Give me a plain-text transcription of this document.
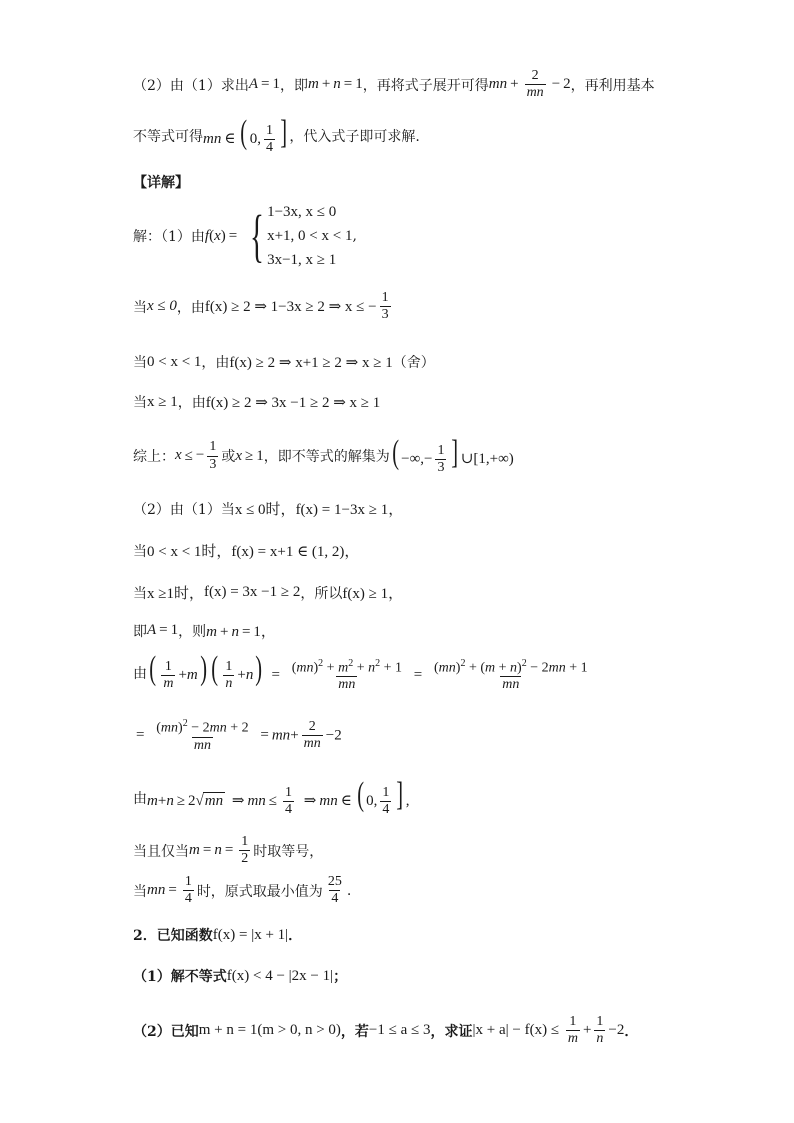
（2）由（1）求出 A = 1 ，即 m + n = 1 ，再将式子展开可得 mn + $\frac{2}{mn} - 2$ ，再利用基本
不等式可得 mn ∈ ( 0, $\frac{1}{4}$ ] ，代入式子即可求解.
【详解】
解：（1）由 f(x) = { 1−3x, x ≤ 0
x+1, 0 < x < 1
3x−1, x ≥ 1
,
当 x ≤ 0 ，由 f(x) ≥ 2 ⇒ 1−3x ≥ 2 ⇒ x ≤ − $\frac{1}{3}$
当 0 < x < 1 ，由 f(x) ≥ 2 ⇒ x+1 ≥ 2 ⇒ x ≥ 1 （舍）
当 x ≥ 1 ，由 f(x) ≥ 2 ⇒ 3x −1 ≥ 2 ⇒ x ≥ 1
综上： x ≤ − $\frac{1}{3}$ 或 x ≥ 1 ，即不等式的解集为 ( −∞,− $\frac{1}{3}$ ] ∪[1,+∞)
（2）由（1）当 x ≤ 0时， f(x) = 1−3x ≥ 1，
当 0 < x < 1时， f(x) = x+1 ∈ (1, 2)，
当 x ≥1时， f(x) = 3x −1 ≥ 2 ，所以 f(x) ≥ 1，
即 A = 1 ，则 m + n = 1，
由 ( $\frac{1}{m} +m$) ( $\frac{1}{n} +n) = \frac{(mn)^2 + m^2 + n^2 + 1}{mn} = \frac{(mn)^2 + (m + n)^2 - 2mn + 1}{mn}$
= $\frac{(mn)^2 - 2mn + 2}{mn} = mn+ \frac{2}{mn} -2$
由 m+n ≥ 2√mn ⇒ mn ≤ $\frac{1}{4}$ ⇒ mn ∈ ( 0, $\frac{1}{4}$ ] ,
当且仅当 $m = n = \frac{1}{2}$ 时取等号，
当 mn = $\frac{1}{4}$ 时，原式取最小值为 $\frac{25}{4}$ .
2．已知函数 f(x) = |x + 1| ．
（1）解不等式 f(x) < 4 − |2x − 1| ；
（2）已知 m + n = 1(m > 0, n > 0) ，若 −1 ≤ a ≤ 3 ，求证 $|x + a| - f(x) \le \frac{1}{m} + \frac{1}{n} -2$ ．
